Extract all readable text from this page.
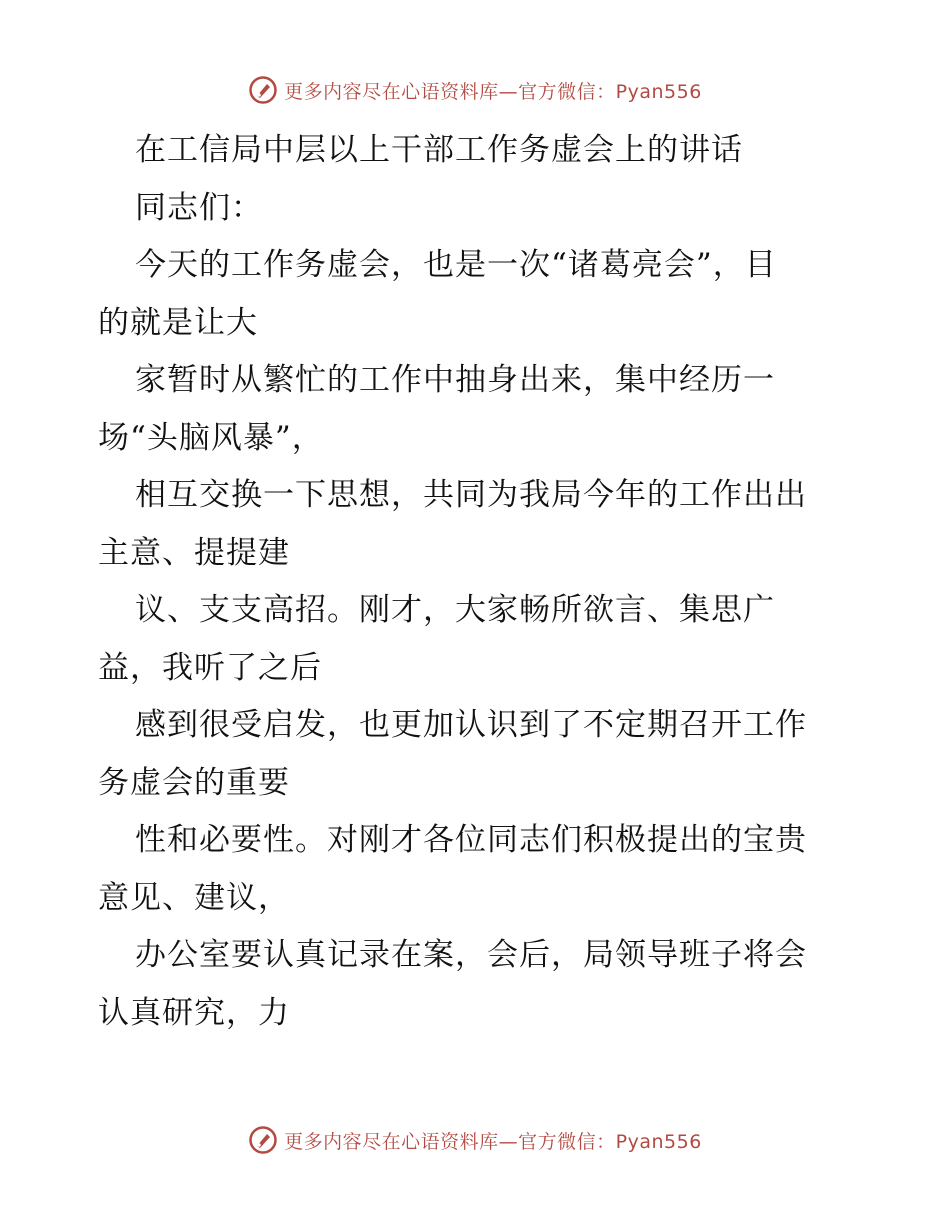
更多内容尽在心语资料库—官方微信：Pyan556
在工信局中层以上干部工作务虚会上的讲话
同志们：
今天的工作务虚会，也是一次“诸葛亮会”，目
的就是让大
家暂时从繁忙的工作中抽身出来，集中经历一
场“头脑风暴”，
相互交换一下思想，共同为我局今年的工作出出
主意、提提建
议、支支高招。刚才，大家畅所欲言、集思广
益，我听了之后
感到很受启发，也更加认识到了不定期召开工作
务虚会的重要
性和必要性。对刚才各位同志们积极提出的宝贵
意见、建议，
办公室要认真记录在案，会后，局领导班子将会
认真研究，力
更多内容尽在心语资料库—官方微信：Pyan556
